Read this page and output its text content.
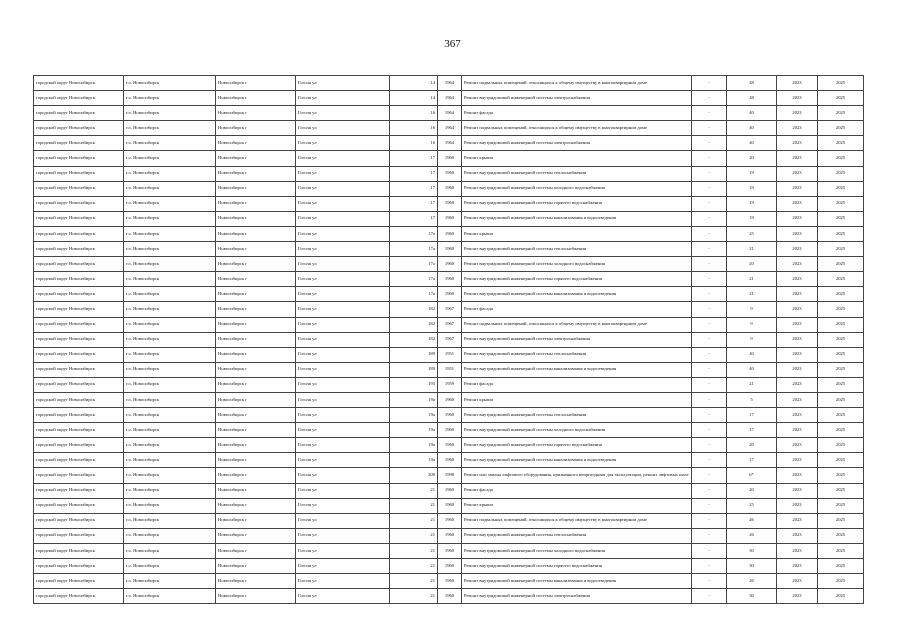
367
городской округ Новосибирск	г.о. Новосибирск	Новосибирск г	Гоголя ул	14	1964	Ремонт подвальных помещений, относящихся к общему имуществу в многоквартирном доме	-	48	2023	2025
городской округ Новосибирск	г.о. Новосибирск	Новосибирск г	Гоголя ул	14	1964	Ремонт внутридомовой инженерной системы электроснабжения	-	48	2023	2025
городской округ Новосибирск	г.о. Новосибирск	Новосибирск г	Гоголя ул	16	1964	Ремонт фасада	-	40	2023	2025
городской округ Новосибирск	г.о. Новосибирск	Новосибирск г	Гоголя ул	16	1964	Ремонт подвальных помещений, относящихся к общему имуществу в многоквартирном доме	-	40	2023	2025
городской округ Новосибирск	г.о. Новосибирск	Новосибирск г	Гоголя ул	16	1964	Ремонт внутридомовой инженерной системы электроснабжения	-	40	2023	2025
городской округ Новосибирск	г.о. Новосибирск	Новосибирск г	Гоголя ул	17	1960	Ремонт крыши	-	20	2023	2025
городской округ Новосибирск	г.о. Новосибирск	Новосибирск г	Гоголя ул	17	1960	Ремонт внутридомовой инженерной системы теплоснабжения	-	19	2023	2025
городской округ Новосибирск	г.о. Новосибирск	Новосибирск г	Гоголя ул	17	1960	Ремонт внутридомовой инженерной системы холодного водоснабжения	-	19	2023	2025
городской округ Новосибирск	г.о. Новосибирск	Новосибирск г	Гоголя ул	17	1960	Ремонт внутридомовой инженерной системы горячего водоснабжения	-	19	2023	2025
городской округ Новосибирск	г.о. Новосибирск	Новосибирск г	Гоголя ул	17	1960	Ремонт внутридомовой инженерной системы канализования и водоотведения	-	19	2023	2025
городской округ Новосибирск	г.о. Новосибирск	Новосибирск г	Гоголя ул	17а	1960	Ремонт крыши	-	25	2023	2025
городской округ Новосибирск	г.о. Новосибирск	Новосибирск г	Гоголя ул	17а	1960	Ремонт внутридомовой инженерной системы теплоснабжения	-	21	2023	2025
городской округ Новосибирск	г.о. Новосибирск	Новосибирск г	Гоголя ул	17а	1960	Ремонт внутридомовой инженерной системы холодного водоснабжения	-	20	2023	2025
городской округ Новосибирск	г.о. Новосибирск	Новосибирск г	Гоголя ул	17а	1960	Ремонт внутридомовой инженерной системы горячего водоснабжения	-	21	2023	2025
городской округ Новосибирск	г.о. Новосибирск	Новосибирск г	Гоголя ул	17а	1960	Ремонт внутридомовой инженерной системы канализования и водоотведения	-	21	2023	2025
городской округ Новосибирск	г.о. Новосибирск	Новосибирск г	Гоголя ул	182	1967	Ремонт фасада	-	9	2023	2025
городской округ Новосибирск	г.о. Новосибирск	Новосибирск г	Гоголя ул	182	1967	Ремонт подвальных помещений, относящихся к общему имуществу в многоквартирном доме	-	9	2023	2025
городской округ Новосибирск	г.о. Новосибирск	Новосибирск г	Гоголя ул	182	1967	Ремонт внутридомовой инженерной системы электроснабжения	-	9	2023	2025
городской округ Новосибирск	г.о. Новосибирск	Новосибирск г	Гоголя ул	189	1951	Ремонт внутридомовой инженерной системы теплоснабжения	-	40	2023	2025
городской округ Новосибирск	г.о. Новосибирск	Новосибирск г	Гоголя ул	189	1951	Ремонт внутридомовой инженерной системы канализования и водоотведения	-	40	2023	2025
городской округ Новосибирск	г.о. Новосибирск	Новосибирск г	Гоголя ул	193	1959	Ремонт фасада	-	21	2023	2025
городской округ Новосибирск	г.о. Новосибирск	Новосибирск г	Гоголя ул	19а	1960	Ремонт крыши	-	5	2023	2025
городской округ Новосибирск	г.о. Новосибирск	Новосибирск г	Гоголя ул	19а	1960	Ремонт внутридомовой инженерной системы теплоснабжения	-	17	2023	2025
городской округ Новосибирск	г.о. Новосибирск	Новосибирск г	Гоголя ул	19а	1960	Ремонт внутридомовой инженерной системы холодного водоснабжения	-	17	2023	2025
городской округ Новосибирск	г.о. Новосибирск	Новосибирск г	Гоголя ул	19а	1960	Ремонт внутридомовой инженерной системы горячего водоснабжения	-	20	2023	2025
городской округ Новосибирск	г.о. Новосибирск	Новосибирск г	Гоголя ул	19а	1960	Ремонт внутридомовой инженерной системы канализования и водоотведения	-	17	2023	2025
городской округ Новосибирск	г.о. Новосибирск	Новосибирск г	Гоголя ул	200	1998	Ремонт или замена лифтового оборудования, признанного непригодным для эксплуатации, ремонт лифтовых шахт	-	6*	2023	2025
городской округ Новосибирск	г.о. Новосибирск	Новосибирск г	Гоголя ул	21	1960	Ремонт фасада	-	20	2023	2025
городской округ Новосибирск	г.о. Новосибирск	Новосибирск г	Гоголя ул	21	1960	Ремонт крыши	-	25	2023	2025
городской округ Новосибирск	г.о. Новосибирск	Новосибирск г	Гоголя ул	21	1960	Ремонт подвальных помещений, относящихся к общему имуществу в многоквартирном доме	-	26	2023	2025
городской округ Новосибирск	г.о. Новосибирск	Новосибирск г	Гоголя ул	21	1960	Ремонт внутридомовой инженерной системы теплоснабжения	-	26	2023	2025
городской округ Новосибирск	г.о. Новосибирск	Новосибирск г	Гоголя ул	21	1960	Ремонт внутридомовой инженерной системы холодного водоснабжения	-	30	2023	2025
городской округ Новосибирск	г.о. Новосибирск	Новосибирск г	Гоголя ул	21	1960	Ремонт внутридомовой инженерной системы горячего водоснабжения	-	30	2023	2025
городской округ Новосибирск	г.о. Новосибирск	Новосибирск г	Гоголя ул	21	1960	Ремонт внутридомовой инженерной системы канализования и водоотведения	-	26	2023	2025
городской округ Новосибирск	г.о. Новосибирск	Новосибирск г	Гоголя ул	21	1960	Ремонт внутридомовой инженерной системы электроснабжения	-	30	2023	2025
